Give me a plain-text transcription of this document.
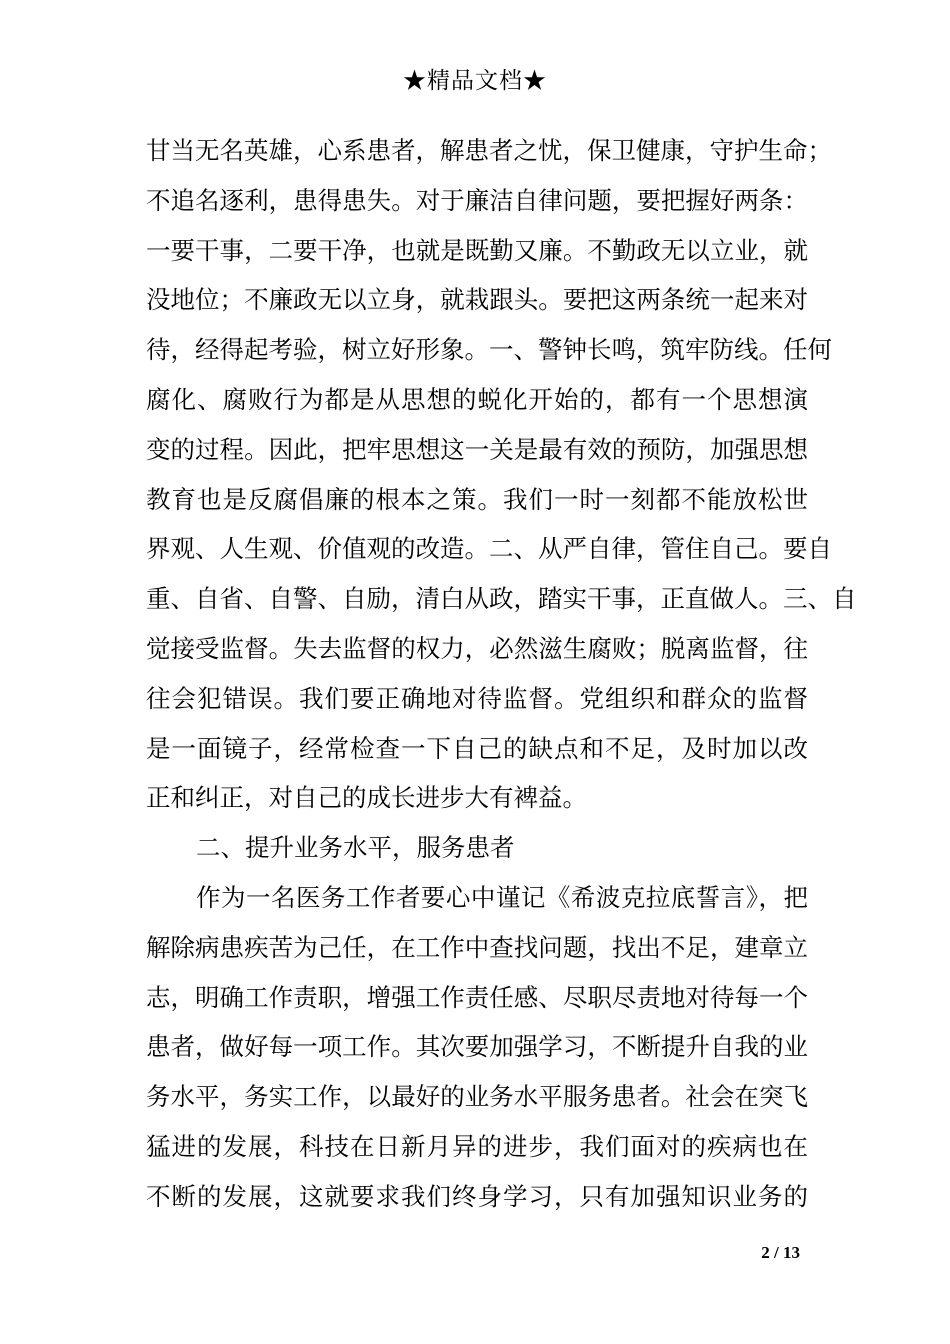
★精品文档★
甘当无名英雄，心系患者，解患者之忧，保卫健康，守护生命；
不追名逐利，患得患失。对于廉洁自律问题，要把握好两条：
一要干事，二要干净，也就是既勤又廉。不勤政无以立业，就
没地位；不廉政无以立身，就栽跟头。要把这两条统一起来对
待，经得起考验，树立好形象。一、警钟长鸣，筑牢防线。任何
腐化、腐败行为都是从思想的蜕化开始的，都有一个思想演
变的过程。因此，把牢思想这一关是最有效的预防，加强思想
教育也是反腐倡廉的根本之策。我们一时一刻都不能放松世
界观、人生观、价值观的改造。二、从严自律，管住自己。要自
重、自省、自警、自励，清白从政，踏实干事，正直做人。三、自
觉接受监督。失去监督的权力，必然滋生腐败；脱离监督，往
往会犯错误。我们要正确地对待监督。党组织和群众的监督
是一面镜子，经常检查一下自己的缺点和不足，及时加以改
正和纠正，对自己的成长进步大有裨益。
二、提升业务水平，服务患者
作为一名医务工作者要心中谨记《希波克拉底誓言》，把
解除病患疾苦为己任，在工作中查找问题，找出不足，建章立
志，明确工作责职，增强工作责任感、尽职尽责地对待每一个
患者，做好每一项工作。其次要加强学习，不断提升自我的业
务水平，务实工作，以最好的业务水平服务患者。社会在突飞
猛进的发展，科技在日新月异的进步，我们面对的疾病也在
不断的发展，这就要求我们终身学习，只有加强知识业务的
2 / 13
